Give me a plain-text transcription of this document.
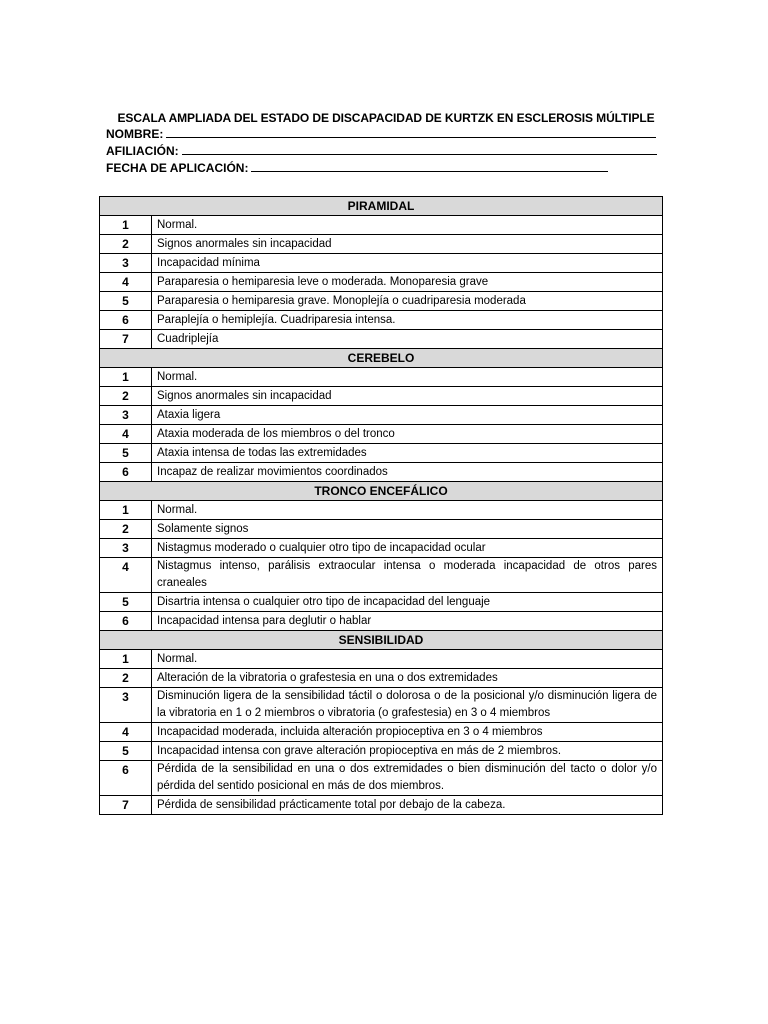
ESCALA AMPLIADA DEL ESTADO DE DISCAPACIDAD DE KURTZK EN ESCLEROSIS MÚLTIPLE
NOMBRE:
AFILIACIÓN:
FECHA DE APLICACIÓN:
PIRAMIDAL	
1	Normal.
2	Signos anormales sin incapacidad
3	Incapacidad mínima
4	Paraparesia o hemiparesia leve o moderada. Monoparesia grave
5	Paraparesia o hemiparesia grave. Monoplejía o cuadriparesia moderada
6	Paraplejía o hemiplejía. Cuadriparesia intensa.
7	Cuadriplejía
CEREBELO	
1	Normal.
2	Signos anormales sin incapacidad
3	Ataxia ligera
4	Ataxia moderada de los miembros o del tronco
5	Ataxia intensa de todas las extremidades
6	Incapaz de realizar movimientos coordinados
TRONCO ENCEFÁLICO	
1	Normal.
2	Solamente signos
3	Nistagmus moderado o cualquier otro tipo de incapacidad ocular
4	Nistagmus intenso, parálisis extraocular intensa o moderada incapacidad de otros pares craneales
5	Disartria intensa o cualquier otro tipo de incapacidad del lenguaje
6	Incapacidad intensa para deglutir o hablar
SENSIBILIDAD	
1	Normal.
2	Alteración de la vibratoria o grafestesia en una o dos extremidades
3	Disminución ligera de la sensibilidad táctil o dolorosa o de la posicional y/o disminución ligera de la vibratoria en 1 o 2 miembros o vibratoria (o grafestesia) en 3 o 4 miembros
4	Incapacidad moderada, incluida alteración propioceptiva en 3 o 4 miembros
5	Incapacidad intensa con grave alteración propioceptiva en más de 2 miembros.
6	Pérdida de la sensibilidad en una o dos extremidades o bien disminución del tacto o dolor y/o pérdida del sentido posicional en más de dos miembros.
7	Pérdida de sensibilidad prácticamente total por debajo de la cabeza.
